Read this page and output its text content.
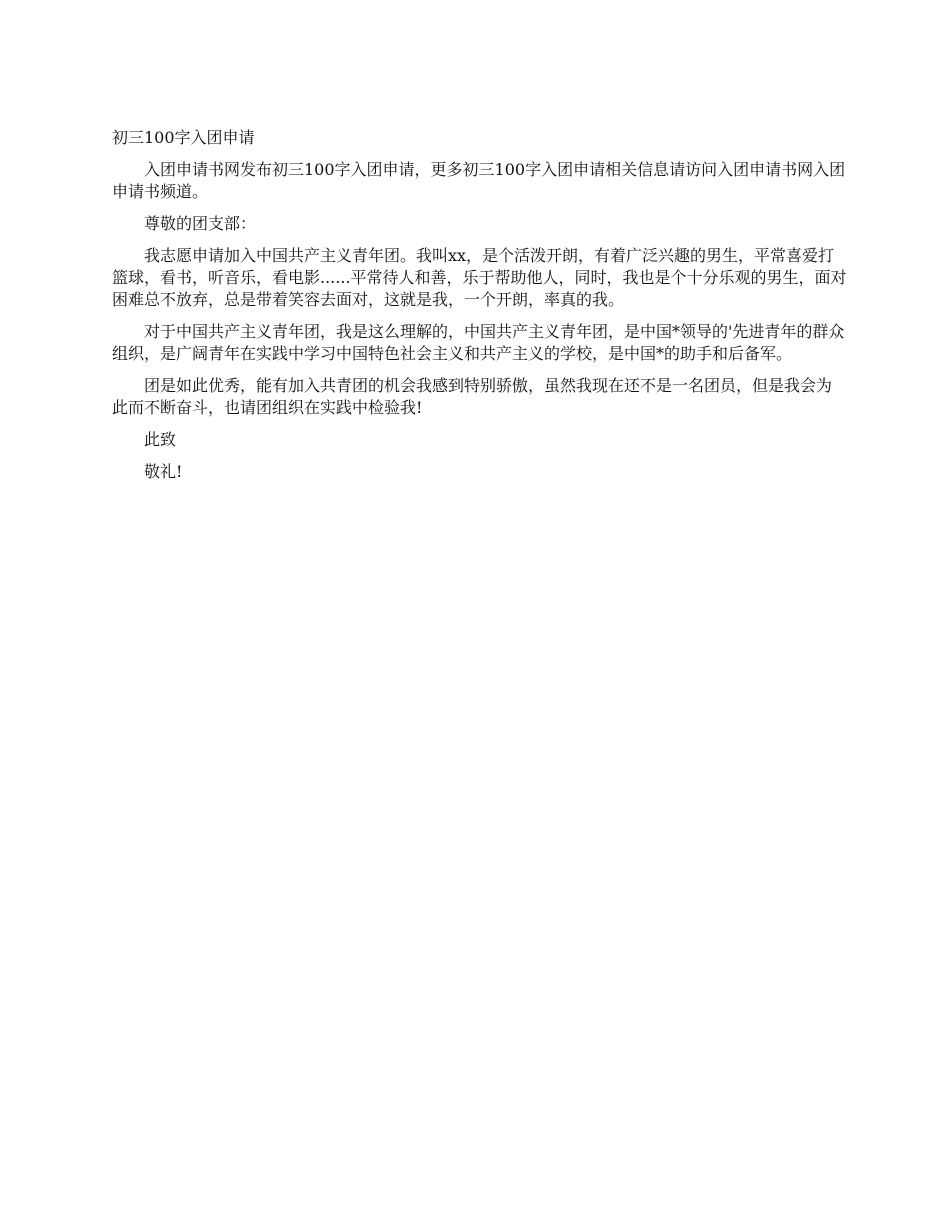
初三100字入团申请

入团申请书网发布初三100字入团申请，更多初三100字入团申请相关信息请访问入团申请书网入团申请书频道。

尊敬的团支部：

我志愿申请加入中国共产主义青年团。我叫xx，是个活泼开朗，有着广泛兴趣的男生，平常喜爱打篮球，看书，听音乐，看电影......平常待人和善，乐于帮助他人，同时，我也是个十分乐观的男生，面对困难总不放弃，总是带着笑容去面对，这就是我，一个开朗，率真的我。

对于中国共产主义青年团，我是这么理解的，中国共产主义青年团，是中国*领导的'先进青年的群众组织，是广阔青年在实践中学习中国特色社会主义和共产主义的学校，是中国*的助手和后备军。

团是如此优秀，能有加入共青团的机会我感到特别骄傲，虽然我现在还不是一名团员，但是我会为此而不断奋斗，也请团组织在实践中检验我!

此致

敬礼!
